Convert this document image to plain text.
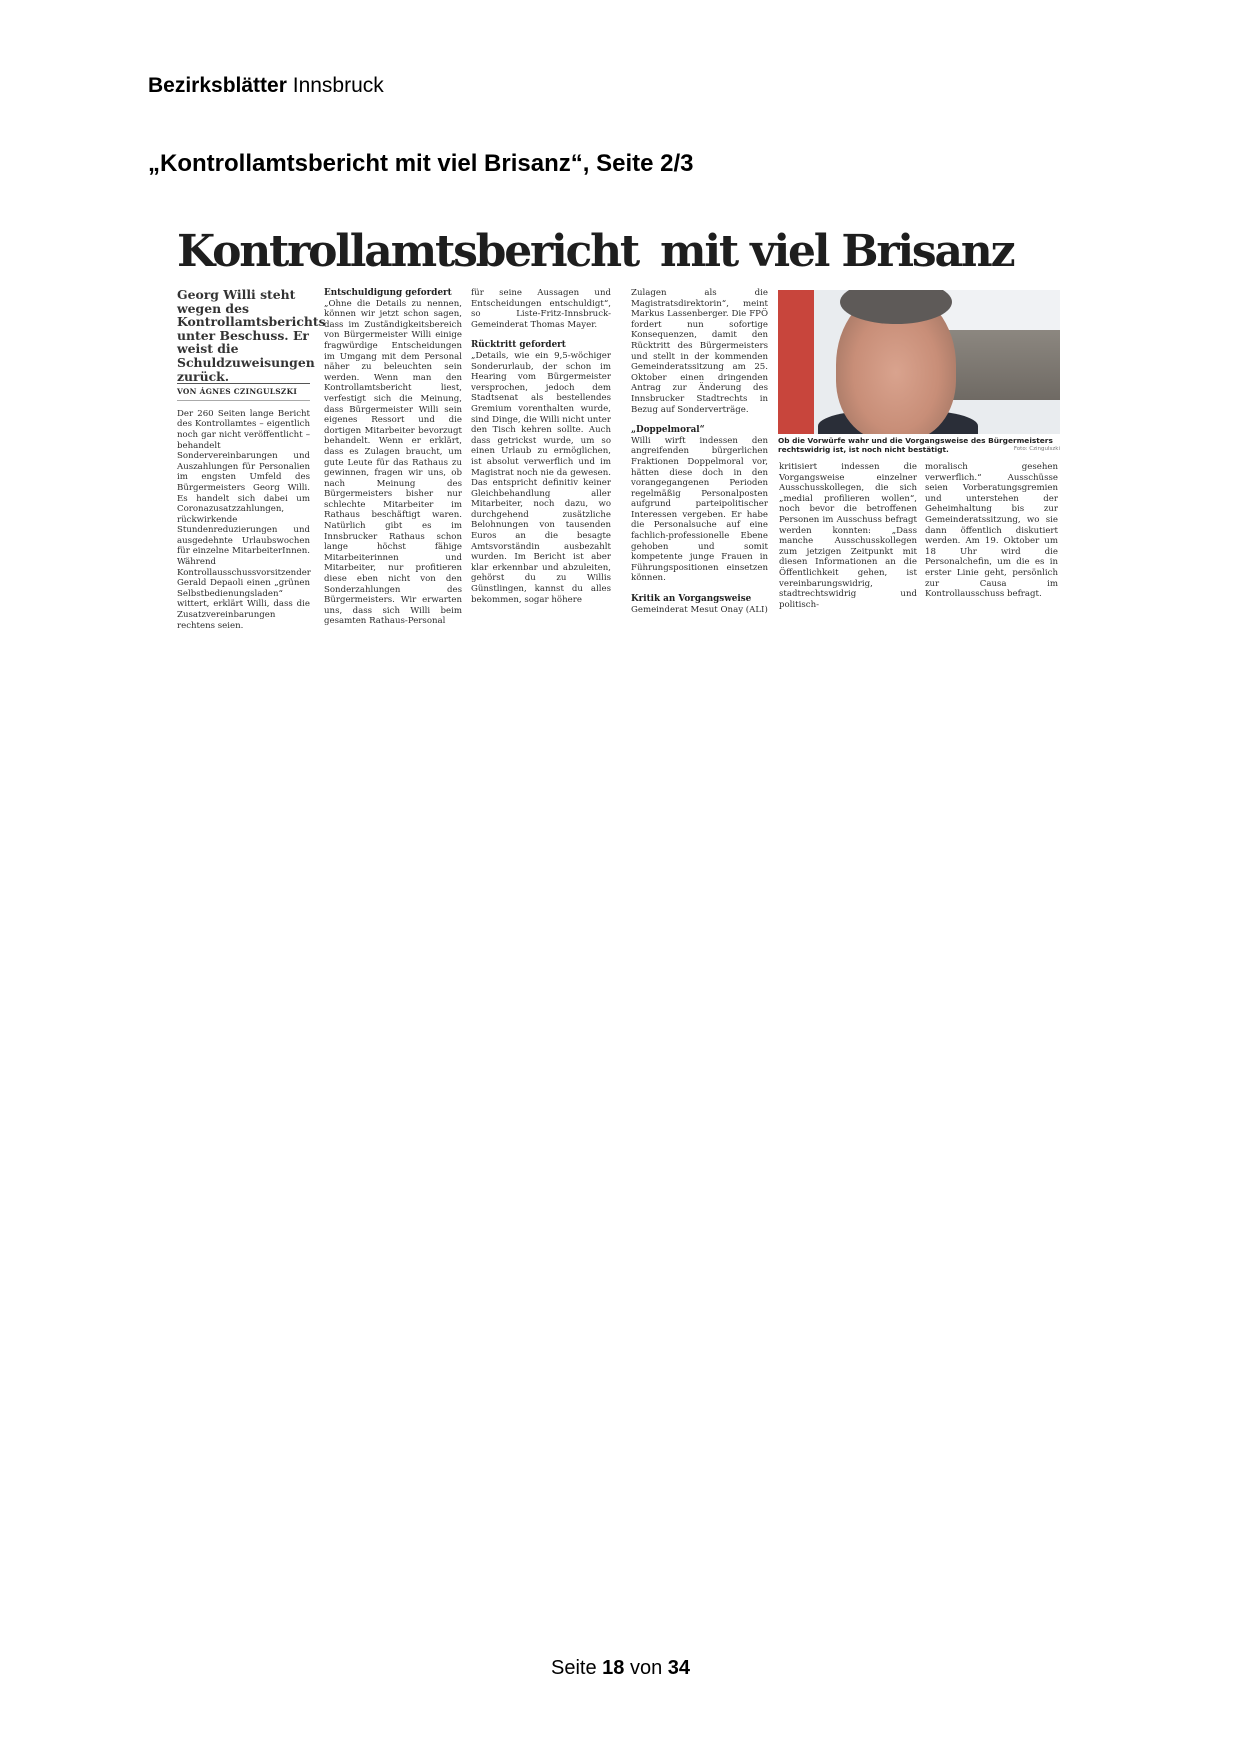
Bezirksblätter Innsbruck
„Kontrollamtsbericht mit viel Brisanz“, Seite 2/3
Kontrollamtsbericht mit viel Brisanz

Georg Willi steht wegen des Kontrollamtsberichts unter Beschuss. Er weist die Schuldzuweisungen zurück.

VON ÁGNES CZINGULSZKI

Der 260 Seiten lange Bericht des Kontrollamtes – eigentlich noch gar nicht veröffentlicht – behandelt Sondervereinbarungen und Auszahlungen für Personalien im engsten Umfeld des Bürgermeisters Georg Willi. Es handelt sich dabei um Coronazusatzzahlungen, rückwirkende Stundenreduzierungen und ausgedehnte Urlaubswochen für einzelne MitarbeiterInnen. Während Kontrollausschussvorsitzender Gerald Depaoli einen „grünen Selbstbedienungsladen“ wittert, erklärt Willi, dass die Zusatzvereinbarungen rechtens seien.

Entschuldigung gefordert

„Ohne die Details zu nennen, können wir jetzt schon sagen, dass im Zuständigkeitsbereich von Bürgermeister Willi einige fragwürdige Entscheidungen im Umgang mit dem Personal näher zu beleuchten sein werden. Wenn man den Kontrollamtsbericht liest, verfestigt sich die Meinung, dass Bürgermeister Willi sein eigenes Ressort und die dortigen Mitarbeiter bevorzugt behandelt. Wenn er erklärt, dass es Zulagen braucht, um gute Leute für das Rathaus zu gewinnen, fragen wir uns, ob nach Meinung des Bürgermeisters bisher nur schlechte Mitarbeiter im Rathaus beschäftigt waren. Natürlich gibt es im Innsbrucker Rathaus schon lange höchst fähige Mitarbeiterinnen und Mitarbeiter, nur profitieren diese eben nicht von den Sonderzahlungen des Bürgermeisters. Wir erwarten uns, dass sich Willi beim gesamten Rathaus-Personal

für seine Aussagen und Entscheidungen entschuldigt“, so Liste-Fritz-Innsbruck-Gemeinderat Thomas Mayer.

Rücktritt gefordert

„Details, wie ein 9,5-wöchiger Sonderurlaub, der schon im Hearing vom Bürgermeister versprochen, jedoch dem Stadtsenat als bestellendes Gremium vorenthalten wurde, sind Dinge, die Willi nicht unter den Tisch kehren sollte. Auch dass getrickst wurde, um so einen Urlaub zu ermöglichen, ist absolut verwerflich und im Magistrat noch nie da gewesen. Das entspricht definitiv keiner Gleichbehandlung aller Mitarbeiter, noch dazu, wo durchgehend zusätzliche Belohnungen von tausenden Euros an die besagte Amtsvorständin ausbezahlt wurden. Im Bericht ist aber klar erkennbar und abzuleiten, gehörst du zu Willis Günstlingen, kannst du alles bekommen, sogar höhere

Zulagen als die Magistratsdirektorin“, meint Markus Lassenberger. Die FPÖ fordert nun sofortige Konsequenzen, damit den Rücktritt des Bürgermeisters und stellt in der kommenden Gemeinderatssitzung am 25. Oktober einen dringenden Antrag zur Änderung des Innsbrucker Stadtrechts in Bezug auf Sonderverträge.

„Doppelmoral“

Willi wirft indessen den angreifenden bürgerlichen Fraktionen Doppelmoral vor, hätten diese doch in den vorangegangenen Perioden regelmäßig Personalposten aufgrund parteipolitischer Interessen vergeben. Er habe die Personalsuche auf eine fachlich-professionelle Ebene gehoben und somit kompetente junge Frauen in Führungspositionen einsetzen können.

Kritik an Vorgangsweise

Gemeinderat Mesut Onay (ALI)

Ob die Vorwürfe wahr und die Vorgangsweise des Bürgermeisters rechtswidrig ist, ist noch nicht bestätigt.	Foto: Czingulszki

kritisiert indessen die Vorgangsweise einzelner Ausschusskollegen, die sich „medial profilieren wollen“, noch bevor die betroffenen Personen im Ausschuss befragt werden konnten: „Dass manche Ausschusskollegen zum jetzigen Zeitpunkt mit diesen Informationen an die Öffentlichkeit gehen, ist vereinbarungswidrig, stadtrechtswidrig und politisch-

moralisch gesehen verwerflich.“ Ausschüsse seien Vorberatungsgremien und unterstehen der Geheimhaltung bis zur Gemeinderatssitzung, wo sie dann öffentlich diskutiert werden. Am 19. Oktober um 18 Uhr wird die Personalchefin, um die es in erster Linie geht, persönlich zur Causa im Kontrollausschuss befragt.

Seite 18 von 34
